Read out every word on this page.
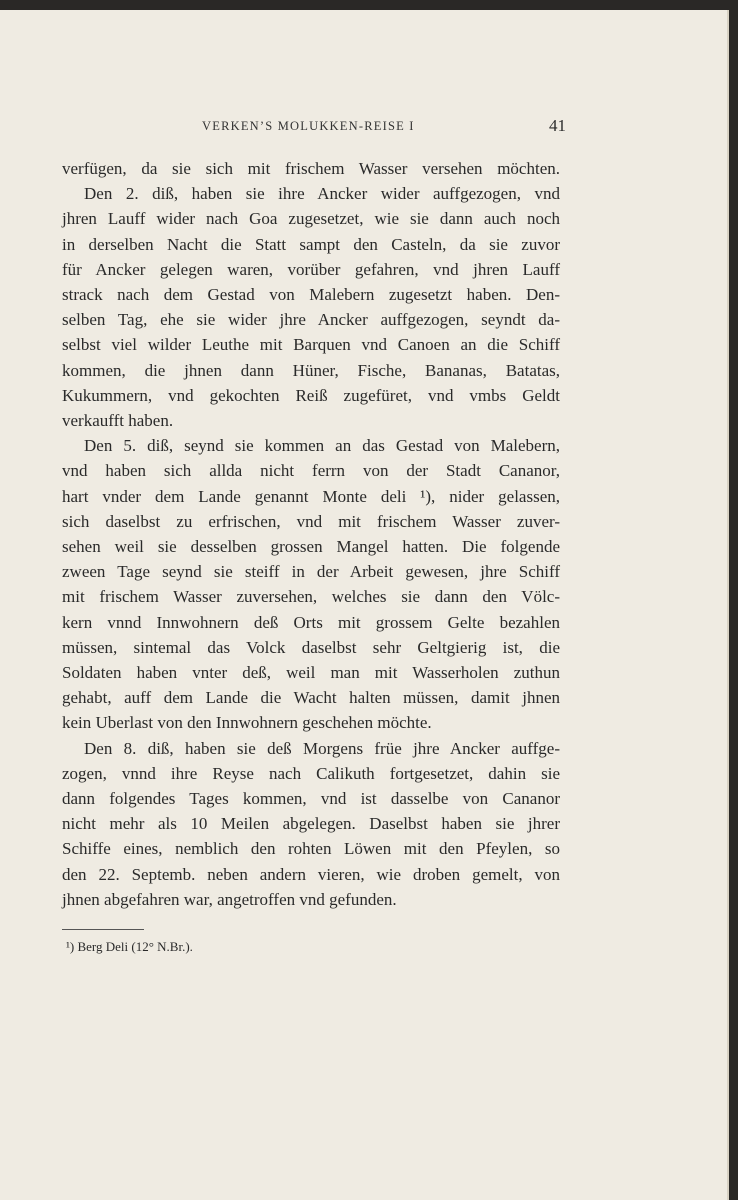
VERKEN’S MOLUKKEN-REISE I	41
verfügen, da sie sich mit frischem Wasser versehen möchten.
Den 2. diß, haben sie ihre Ancker wider auffgezogen, vnd
jhren Lauff wider nach Goa zugesetzet, wie sie dann auch noch
in derselben Nacht die Statt sampt den Casteln, da sie zuvor
für Ancker gelegen waren, vorüber gefahren, vnd jhren Lauff
strack nach dem Gestad von Malebern zugesetzt haben. Den-
selben Tag, ehe sie wider jhre Ancker auffgezogen, seyndt da-
selbst viel wilder Leuthe mit Barquen vnd Canoen an die Schiff
kommen, die jhnen dann Hüner, Fische, Bananas, Batatas,
Kukummern, vnd gekochten Reiß zugefüret, vnd vmbs Geldt
verkaufft haben.
Den 5. diß, seynd sie kommen an das Gestad von Malebern,
vnd haben sich allda nicht ferrn von der Stadt Cananor,
hart vnder dem Lande genannt Monte deli ¹), nider gelassen,
sich daselbst zu erfrischen, vnd mit frischem Wasser zuver-
sehen weil sie desselben grossen Mangel hatten. Die folgende
zween Tage seynd sie steiff in der Arbeit gewesen, jhre Schiff
mit frischem Wasser zuversehen, welches sie dann den Völc-
kern vnnd Innwohnern deß Orts mit grossem Gelte bezahlen
müssen, sintemal das Volck daselbst sehr Geltgierig ist, die
Soldaten haben vnter deß, weil man mit Wasserholen zuthun
gehabt, auff dem Lande die Wacht halten müssen, damit jhnen
kein Uberlast von den Innwohnern geschehen möchte.
Den 8. diß, haben sie deß Morgens früe jhre Ancker auffge-
zogen, vnnd ihre Reyse nach Calikuth fortgesetzet, dahin sie
dann folgendes Tages kommen, vnd ist dasselbe von Cananor
nicht mehr als 10 Meilen abgelegen. Daselbst haben sie jhrer
Schiffe eines, nemblich den rohten Löwen mit den Pfeylen, so
den 22. Septemb. neben andern vieren, wie droben gemelt, von
jhnen abgefahren war, angetroffen vnd gefunden.
¹) Berg Deli (12° N.Br.).
